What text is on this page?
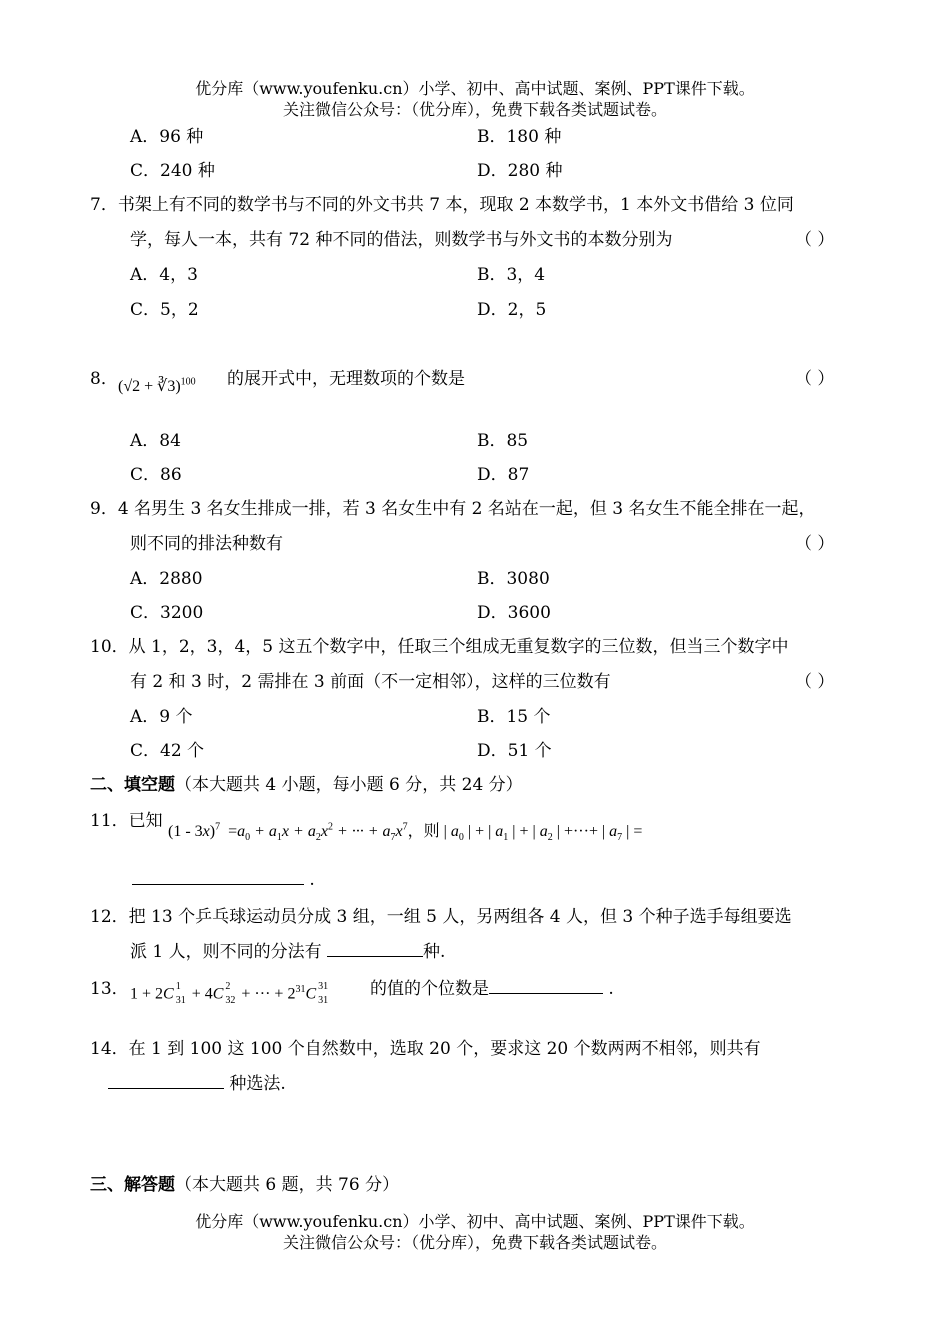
优分库（www.youfenku.cn）小学、初中、高中试题、案例、PPT课件下载。
关注微信公众号：（优分库），免费下载各类试题试卷。
A．96 种	B．180 种
C．240 种	D．280 种
7．书架上有不同的数学书与不同的外文书共 7 本，现取 2 本数学书，1 本外文书借给 3 位同
学，每人一本，共有 72 种不同的借法，则数学书与外文书的本数分别为	（ ）
A．4，3	B．3，4
C．5，2	D．2，5
8． (√2 + ∛3)$^{100}$ 的展开式中，无理数项的个数是	（ ）
A．84	B．85
C．86	D．87
9．4 名男生 3 名女生排成一排，若 3 名女生中有 2 名站在一起，但 3 名女生不能全排在一起，
则不同的排法种数有	（ ）
A．2880	B．3080
C．3200	D．3600
10．从 1，2，3，4，5 这五个数字中，任取三个组成无重复数字的三位数，但当三个数字中
有 2 和 3 时，2 需排在 3 前面（不一定相邻），这样的三位数有	（ ）
A．9 个	B．15 个
C．42 个	D．51 个
二、填空题（本大题共 4 小题，每小题 6 分，共 24 分）
11．已知
$(1 - 3x)^7 =a_0 + a_1x + a_2x^2$ + ··· + $a_7x^7$，则 | $a_0$ | + | $a_1$ | + | $a_2$ | +···+ | $a_7$ | =
.
12．把 13 个乒乓球运动员分成 3 组，一组 5 人，另两组各 4 人，但 3 个种子选手每组要选
派 1 人，则不同的分法有	种.
13． 1 + 2C 1
31 + 4C 2
32 + ··· + $2^{31}C$ 31
31
的值的个位数是	.
14．在 1 到 100 这 100 个自然数中，选取 20 个，要求这 20 个数两两不相邻，则共有
种选法.
三、解答题（本大题共 6 题，共 76 分）
优分库（www.youfenku.cn）小学、初中、高中试题、案例、PPT课件下载。
关注微信公众号：（优分库），免费下载各类试题试卷。
